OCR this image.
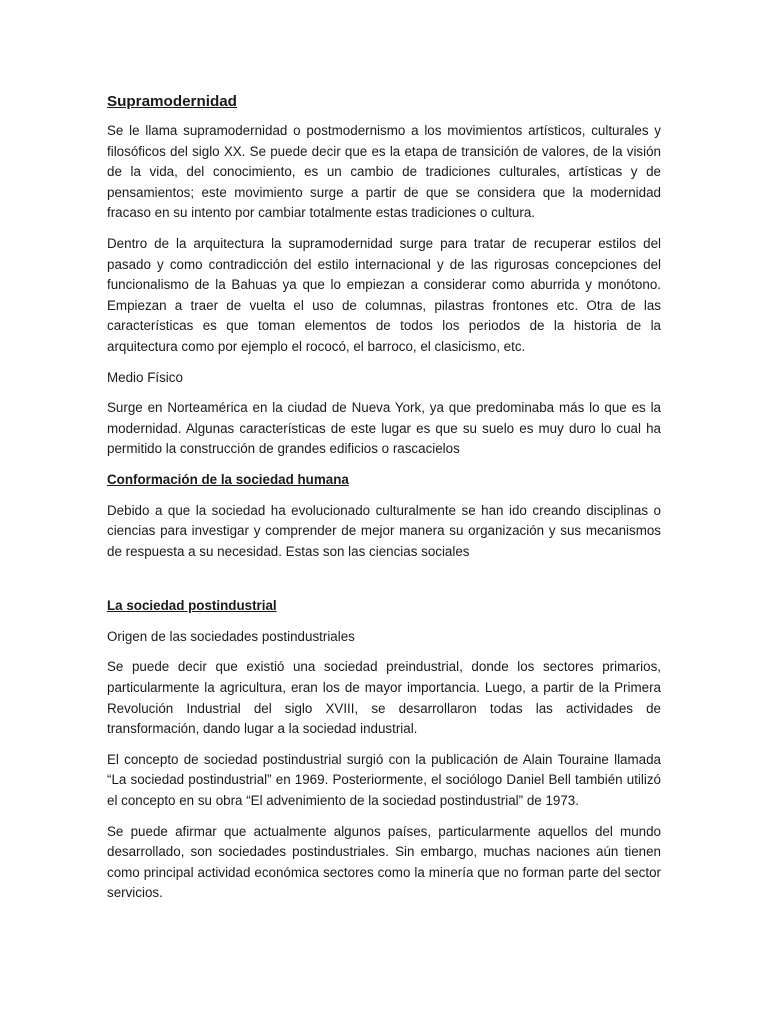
Supramodernidad

Se le llama supramodernidad o postmodernismo a los movimientos artísticos, culturales y filosóficos del siglo XX. Se puede decir que es la etapa de transición de valores, de la visión de la vida, del conocimiento, es un cambio de tradiciones culturales, artísticas y de pensamientos; este movimiento surge a partir de que se considera que la modernidad fracaso en su intento por cambiar totalmente estas tradiciones o cultura.

Dentro de la arquitectura la supramodernidad surge para tratar de recuperar estilos del pasado y como contradicción del estilo internacional y de las rigurosas concepciones del funcionalismo de la Bahuas ya que lo empiezan a considerar como aburrida y monótono. Empiezan a traer de vuelta el uso de columnas, pilastras frontones etc. Otra de las características es que toman elementos de todos los periodos de la historia de la arquitectura como por ejemplo el rococó, el barroco, el clasicismo, etc.

Medio Físico

Surge en Norteamérica en la ciudad de Nueva York, ya que predominaba más lo que es la modernidad. Algunas características de este lugar es que su suelo es muy duro lo cual ha permitido la construcción de grandes edificios o rascacielos

Conformación de la sociedad humana

Debido a que la sociedad ha evolucionado culturalmente se han ido creando disciplinas o ciencias para investigar y comprender de mejor manera su organización y sus mecanismos de respuesta a su necesidad. Estas son las ciencias sociales

La sociedad postindustrial
Origen de las sociedades postindustriales

Se puede decir que existió una sociedad preindustrial, donde los sectores primarios, particularmente la agricultura, eran los de mayor importancia. Luego, a partir de la Primera Revolución Industrial del siglo XVIII, se desarrollaron todas las actividades de transformación, dando lugar a la sociedad industrial.

El concepto de sociedad postindustrial surgió con la publicación de Alain Touraine llamada “La sociedad postindustrial” en 1969. Posteriormente, el sociólogo Daniel Bell también utilizó el concepto en su obra “El advenimiento de la sociedad postindustrial” de 1973.

Se puede afirmar que actualmente algunos países, particularmente aquellos del mundo desarrollado, son sociedades postindustriales. Sin embargo, muchas naciones aún tienen como principal actividad económica sectores como la minería que no forman parte del sector servicios.
